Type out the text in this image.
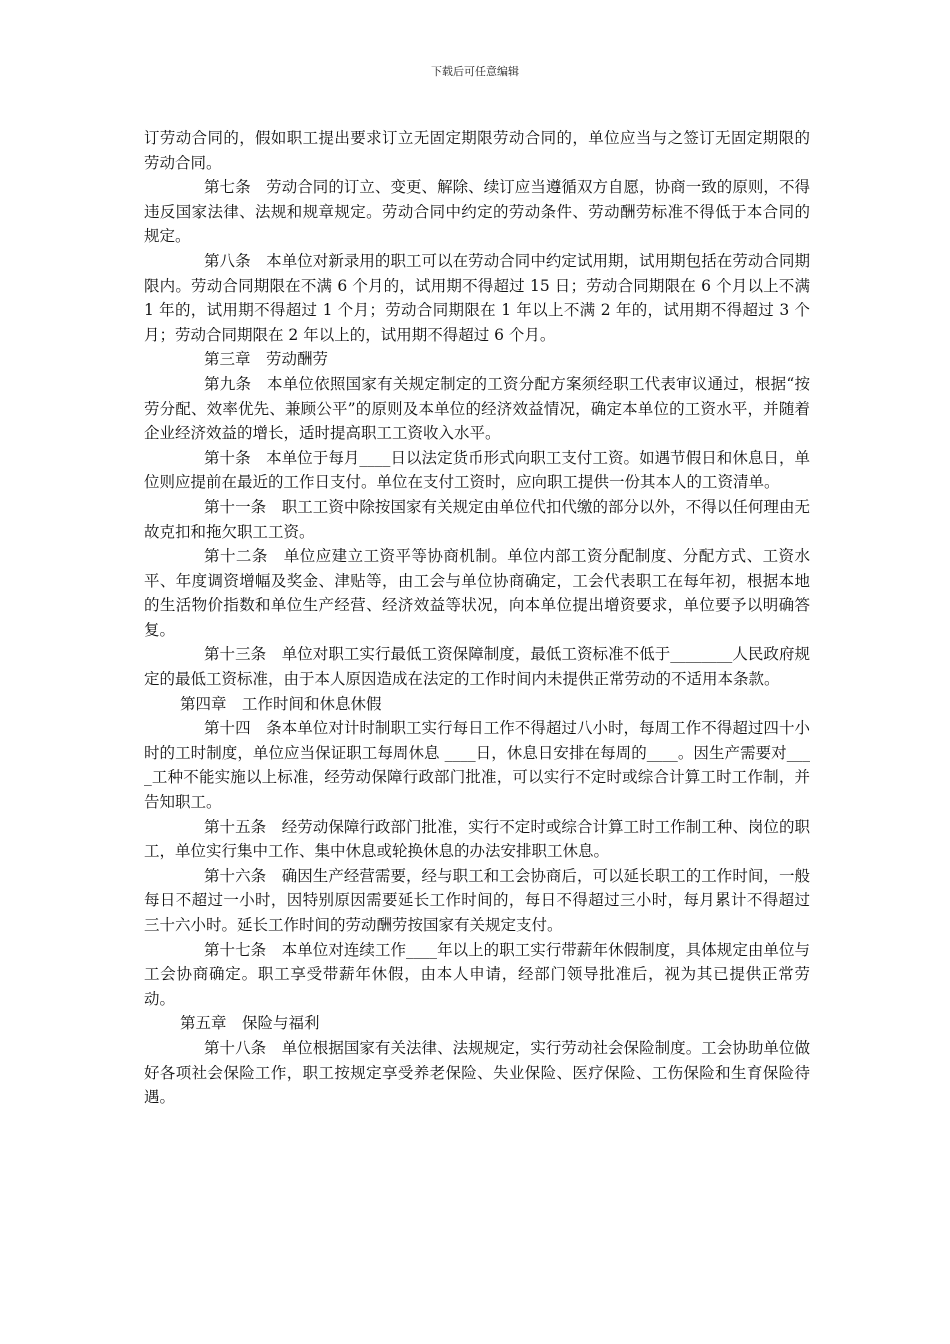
下载后可任意编辑

订劳动合同的，假如职工提出要求订立无固定期限劳动合同的，单位应当与之签订无固定期限的劳动合同。

第七条　劳动合同的订立、变更、解除、续订应当遵循双方自愿，协商一致的原则，不得违反国家法律、法规和规章规定。劳动合同中约定的劳动条件、劳动酬劳标准不得低于本合同的规定。

第八条　本单位对新录用的职工可以在劳动合同中约定试用期，试用期包括在劳动合同期限内。劳动合同期限在不满 6 个月的，试用期不得超过 15 日；劳动合同期限在 6 个月以上不满 1 年的，试用期不得超过 1 个月；劳动合同期限在 1 年以上不满 2 年的，试用期不得超过 3 个月；劳动合同期限在 2 年以上的，试用期不得超过 6 个月。

第三章　劳动酬劳

第九条　本单位依照国家有关规定制定的工资分配方案须经职工代表审议通过，根据“按劳分配、效率优先、兼顾公平”的原则及本单位的经济效益情况，确定本单位的工资水平，并随着企业经济效益的增长，适时提高职工工资收入水平。

第十条　本单位于每月____日以法定货币形式向职工支付工资。如遇节假日和休息日，单位则应提前在最近的工作日支付。单位在支付工资时，应向职工提供一份其本人的工资清单。

第十一条　职工工资中除按国家有关规定由单位代扣代缴的部分以外，不得以任何理由无故克扣和拖欠职工工资。

第十二条　单位应建立工资平等协商机制。单位内部工资分配制度、分配方式、工资水平、年度调资增幅及奖金、津贴等，由工会与单位协商确定，工会代表职工在每年初，根据本地的生活物价指数和单位生产经营、经济效益等状况，向本单位提出增资要求，单位要予以明确答复。

第十三条　单位对职工实行最低工资保障制度，最低工资标准不低于________人民政府规定的最低工资标准，由于本人原因造成在法定的工作时间内未提供正常劳动的不适用本条款。

第四章　工作时间和休息休假

第十四　条本单位对计时制职工实行每日工作不得超过八小时，每周工作不得超过四十小时的工时制度，单位应当保证职工每周休息 ____日，休息日安排在每周的____。因生产需要对____工种不能实施以上标准，经劳动保障行政部门批准，可以实行不定时或综合计算工时工作制，并告知职工。

第十五条　经劳动保障行政部门批准，实行不定时或综合计算工时工作制工种、岗位的职工，单位实行集中工作、集中休息或轮换休息的办法安排职工休息。

第十六条　确因生产经营需要，经与职工和工会协商后，可以延长职工的工作时间，一般每日不超过一小时，因特别原因需要延长工作时间的，每日不得超过三小时，每月累计不得超过三十六小时。延长工作时间的劳动酬劳按国家有关规定支付。

第十七条　本单位对连续工作____年以上的职工实行带薪年休假制度，具体规定由单位与工会协商确定。职工享受带薪年休假，由本人申请，经部门领导批准后，视为其已提供正常劳动。

第五章　保险与福利

第十八条　单位根据国家有关法律、法规规定，实行劳动社会保险制度。工会协助单位做好各项社会保险工作，职工按规定享受养老保险、失业保险、医疗保险、工伤保险和生育保险待遇。
